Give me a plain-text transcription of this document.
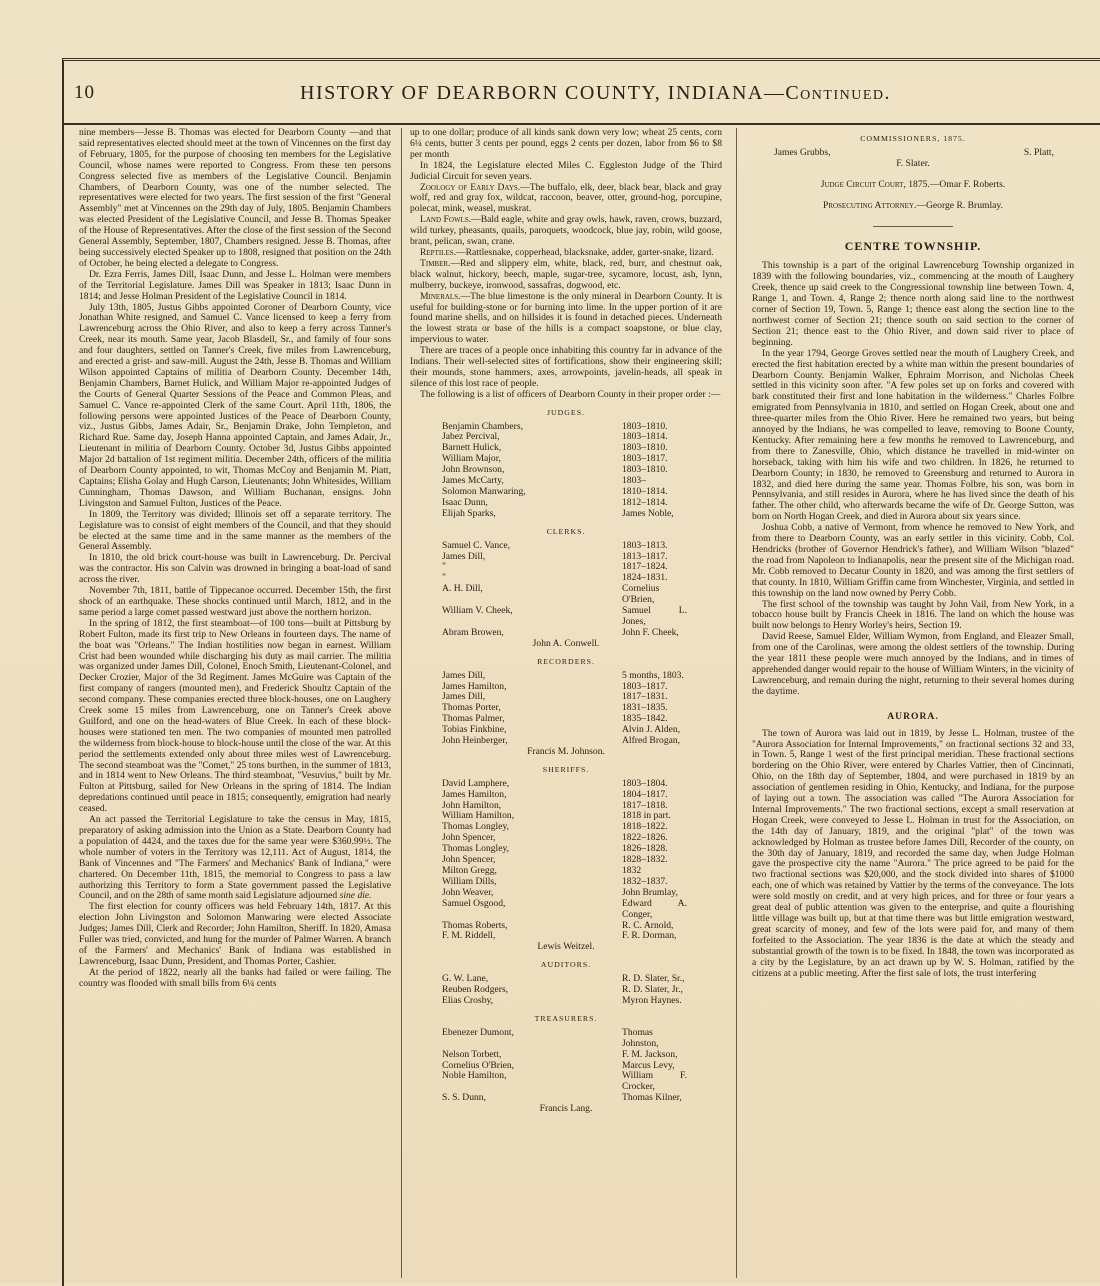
10	HISTORY OF DEARBORN COUNTY, INDIANA—Continued.

nine members—Jesse B. Thomas was elected for Dearborn County —and that said representatives elected should meet at the town of Vincennes on the first day of February, 1805, for the purpose of choosing ten members for the Legislative Council, whose names were reported to Congress. From these ten persons Congress selected five as members of the Legislative Council. Benjamin Chambers, of Dearborn County, was one of the number selected. The representatives were elected for two years. The first session of the first "General Assembly" met at Vincennes on the 29th day of July, 1805. Benjamin Chambers was elected President of the Legislative Council, and Jesse B. Thomas Speaker of the House of Representatives. After the close of the first session of the Second General Assembly, September, 1807, Chambers resigned. Jesse B. Thomas, after being successively elected Speaker up to 1808, resigned that position on the 24th of October, he being elected a delegate to Congress.

Dr. Ezra Ferris, James Dill, Isaac Dunn, and Jesse L. Holman were members of the Territorial Legislature. James Dill was Speaker in 1813; Isaac Dunn in 1814; and Jesse Holman President of the Legislative Council in 1814.

July 13th, 1805, Justus Gibbs appointed Coroner of Dearborn County, vice Jonathan White resigned, and Samuel C. Vance licensed to keep a ferry from Lawrenceburg across the Ohio River, and also to keep a ferry across Tanner's Creek, near its mouth. Same year, Jacob Blasdell, Sr., and family of four sons and four daughters, settled on Tanner's Creek, five miles from Lawrenceburg, and erected a grist- and saw-mill. August the 24th, Jesse B. Thomas and William Wilson appointed Captains of militia of Dearborn County. December 14th, Benjamin Chambers, Barnet Hulick, and William Major re-appointed Judges of the Courts of General Quarter Sessions of the Peace and Common Pleas, and Samuel C. Vance re-appointed Clerk of the same Court. April 11th, 1806, the following persons were appointed Justices of the Peace of Dearborn County, viz., Justus Gibbs, James Adair, Sr., Benjamin Drake, John Templeton, and Richard Rue. Same day, Joseph Hanna appointed Captain, and James Adair, Jr., Lieutenant in militia of Dearborn County. October 3d, Justus Gibbs appointed Major 2d battalion of 1st regiment militia. December 24th, officers of the militia of Dearborn County appointed, to wit, Thomas McCoy and Benjamin M. Piatt, Captains; Elisha Golay and Hugh Carson, Lieutenants; John Whitesides, William Cunningham, Thomas Dawson, and William Buchanan, ensigns. John Livingston and Samuel Fulton, Justices of the Peace.

In 1809, the Territory was divided; Illinois set off a separate territory. The Legislature was to consist of eight members of the Council, and that they should be elected at the same time and in the same manner as the members of the General Assembly.

In 1810, the old brick court-house was built in Lawrenceburg. Dr. Percival was the contractor. His son Calvin was drowned in bringing a boat-load of sand across the river.

November 7th, 1811, battle of Tippecanoe occurred. December 15th, the first shock of an earthquake. These shocks continued until March, 1812, and in the same period a large comet passed westward just above the northern horizon.

In the spring of 1812, the first steamboat—of 100 tons—built at Pittsburg by Robert Fulton, made its first trip to New Orleans in fourteen days. The name of the boat was "Orleans." The Indian hostilities now began in earnest. William Crist had been wounded while discharging his duty as mail carrier. The militia was organized under James Dill, Colonel, Enoch Smith, Lieutenant-Colonel, and Decker Crozier, Major of the 3d Regiment. James McGuire was Captain of the first company of rangers (mounted men), and Frederick Shoultz Captain of the second company. These companies erected three block-houses, one on Laughery Creek some 15 miles from Lawrenceburg, one on Tanner's Creek above Guilford, and one on the head-waters of Blue Creek. In each of these block-houses were stationed ten men. The two companies of mounted men patrolled the wilderness from block-house to block-house until the close of the war. At this period the settlements extended only about three miles west of Lawrenceburg. The second steamboat was the "Comet," 25 tons burthen, in the summer of 1813, and in 1814 went to New Orleans. The third steamboat, "Vesuvius," built by Mr. Fulton at Pittsburg, sailed for New Orleans in the spring of 1814. The Indian depredations continued until peace in 1815; consequently, emigration had nearly ceased.

An act passed the Territorial Legislature to take the census in May, 1815, preparatory of asking admission into the Union as a State. Dearborn County had a population of 4424, and the taxes due for the same year were $360.99½. The whole number of voters in the Territory was 12,111. Act of August, 1814, the Bank of Vincennes and "The Farmers' and Mechanics' Bank of Indiana," were chartered. On December 11th, 1815, the memorial to Congress to pass a law authorizing this Territory to form a State government passed the Legislative Council, and on the 28th of same month said Legislature adjourned sine die.

The first election for county officers was held February 14th, 1817. At this election John Livingston and Solomon Manwaring were elected Associate Judges; James Dill, Clerk and Recorder; John Hamilton, Sheriff. In 1820, Amasa Fuller was tried, convicted, and hung for the murder of Palmer Warren. A branch of the Farmers' and Mechanics' Bank of Indiana was established in Lawrenceburg, Isaac Dunn, President, and Thomas Porter, Cashier.

At the period of 1822, nearly all the banks had failed or were failing. The country was flooded with small bills from 6¼ cents

up to one dollar; produce of all kinds sank down very low; wheat 25 cents, corn 6¼ cents, butter 3 cents per pound, eggs 2 cents per dozen, labor from $6 to $8 per month

In 1824, the Legislature elected Miles C. Eggleston Judge of the Third Judicial Circuit for seven years.

Zoology of Early Days.—The buffalo, elk, deer, black bear, black and gray wolf, red and gray fox, wildcat, raccoon, beaver, otter, ground-hog, porcupine, polecat, mink, weasel, muskrat.

Land Fowls.—Bald eagle, white and gray owls, hawk, raven, crows, buzzard, wild turkey, pheasants, quails, paroquets, woodcock, blue jay, robin, wild goose, brant, pelican, swan, crane.

Reptiles.—Rattlesnake, copperhead, blacksnake, adder, garter-snake, lizard.

Timber.—Red and slippery elm, white, black, red, burr, and chestnut oak, black walnut, hickory, beech, maple, sugar-tree, sycamore, locust, ash, lynn, mulberry, buckeye, ironwood, sassafras, dogwood, etc.

Minerals.—The blue limestone is the only mineral in Dearborn County. It is useful for building-stone or for burning into lime. In the upper portion of it are found marine shells, and on hillsides it is found in detached pieces. Underneath the lowest strata or base of the hills is a compact soapstone, or blue clay, impervious to water.

There are traces of a people once inhabiting this country far in advance of the Indians. Their well-selected sites of fortifications, show their engineering skill; their mounds, stone hammers, axes, arrowpoints, javelin-heads, all speak in silence of this lost race of people.

The following is a list of officers of Dearborn County in their proper order :—

JUDGES.
Benjamin Chambers,	1803–1810.
Jabez Percival,	1803–1814.
Barnett Hulick,	1803–1810.
William Major,	1803–1817.
John Brownson,	1803–1810.
James McCarty,	1803–
Solomon Manwaring,	1810–1814.
Isaac Dunn,	1812–1814.
Elijah Sparks,	James Noble,
CLERKS.
Samuel C. Vance,	1803–1813.
James Dill,	1813–1817.
"	1817–1824.
"	1824–1831.
A. H. Dill,	Cornelius O'Brien,
William V. Cheek,	Samuel L. Jones,
Abram Browen,	John F. Cheek,
John A. Conwell.
RECORDERS.
James Dill,	5 months, 1803.
James Hamilton,	1803–1817.
James Dill,	1817–1831.
Thomas Porter,	1831–1835.
Thomas Palmer,	1835–1842.
Tobias Finkbine,	Alvin J. Alden,
John Heinberger,	Alfred Brogan,
Francis M. Johnson.
SHERIFFS.
David Lamphere,	1803–1804.
James Hamilton,	1804–1817.
John Hamilton,	1817–1818.
William Hamilton,	1818 in part.
Thomas Longley,	1818–1822.
John Spencer,	1822–1826.
Thomas Longley,	1826–1828.
John Spencer,	1828–1832.
Milton Gregg,	1832
William Dills,	1832–1837.
John Weaver,	John Brumlay,
Samuel Osgood,	Edward A. Conger,
Thomas Roberts,	R. C. Arnold,
F. M. Riddell,	F. R. Dorman,
Lewis Weitzel.
AUDITORS.
G. W. Lane,	R. D. Slater, Sr.,
Reuben Rodgers,	R. D. Slater, Jr.,
Elias Crosby,	Myron Haynes.
TREASURERS.
Ebenezer Dumont,	Thomas Johnston,
Nelson Torbett,	F. M. Jackson,
Cornelius O'Brien,	Marcus Levy,
Noble Hamilton,	William F. Crocker,
S. S. Dunn,	Thomas Kilner,
Francis Lang.
COMMISSIONERS, 1875.
James Grubbs,	S. Platt,
F. Slater.

Judge Circuit Court, 1875.—Omar F. Roberts.

Prosecuting Attorney.—George R. Brumlay.

CENTRE TOWNSHIP.

This township is a part of the original Lawrenceburg Township organized in 1839 with the following boundaries, viz., commencing at the mouth of Laughery Creek, thence up said creek to the Congressional township line between Town. 4, Range 1, and Town. 4, Range 2; thence north along said line to the northwest corner of Section 19, Town. 5, Range 1; thence east along the section line to the northwest corner of Section 21; thence south on said section to the corner of Section 21; thence east to the Ohio River, and down said river to place of beginning.

In the year 1794, George Groves settled near the mouth of Laughery Creek, and erected the first habitation erected by a white man within the present boundaries of Dearborn County. Benjamin Walker, Ephraim Morrison, and Nicholas Cheek settled in this vicinity soon after. "A few poles set up on forks and covered with bark constituted their first and lone habitation in the wilderness." Charles Folbre emigrated from Pennsylvania in 1810, and settled on Hogan Creek, about one and three-quarter miles from the Ohio River. Here he remained two years, but being annoyed by the Indians, he was compelled to leave, removing to Boone County, Kentucky. After remaining here a few months he removed to Lawrenceburg, and from there to Zanesville, Ohio, which distance he travelled in mid-winter on horseback, taking with him his wife and two children. In 1826, he returned to Dearborn County; in 1830, he removed to Greensburg and returned to Aurora in 1832, and died here during the same year. Thomas Folbre, his son, was born in Pennsylvania, and still resides in Aurora, where he has lived since the death of his father. The other child, who afterwards became the wife of Dr. George Sutton, was born on North Hogan Creek, and died in Aurora about six years since.

Joshua Cobb, a native of Vermont, from whence he removed to New York, and from there to Dearborn County, was an early settler in this vicinity. Cobb, Col. Hendricks (brother of Governor Hendrick's father), and William Wilson "blazed" the road from Napoleon to Indianapolis, near the present site of the Michigan road. Mr. Cobb removed to Decatur County in 1820, and was among the first settlers of that county. In 1810, William Griffin came from Winchester, Virginia, and settled in this township on the land now owned by Perry Cobb.

The first school of the township was taught by John Vail, from New York, in a tobacco house built by Francis Cheek in 1816. The land on which the house was built now belongs to Henry Worley's heirs, Section 19.

David Reese, Samuel Elder, William Wymon, from England, and Eleazer Small, from one of the Carolinas, were among the oldest settlers of the township. During the year 1811 these people were much annoyed by the Indians, and in times of apprehended danger would repair to the house of William Winters, in the vicinity of Lawrenceburg, and remain during the night, returning to their several homes during the daytime.

AURORA.

The town of Aurora was laid out in 1819, by Jesse L. Holman, trustee of the "Aurora Association for Internal Improvements," on fractional sections 32 and 33, in Town. 5, Range 1 west of the first principal meridian. These fractional sections bordering on the Ohio River, were entered by Charles Vattier, then of Cincinnati, Ohio, on the 18th day of September, 1804, and were purchased in 1819 by an association of gentlemen residing in Ohio, Kentucky, and Indiana, for the purpose of laying out a town. The association was called "The Aurora Association for Internal Improvements." The two fractional sections, except a small reservation at Hogan Creek, were conveyed to Jesse L. Holman in trust for the Association, on the 14th day of January, 1819, and the original "plat" of the town was acknowledged by Holman as trustee before James Dill, Recorder of the county, on the 30th day of January, 1819, and recorded the same day, when Judge Holman gave the prospective city the name "Aurora." The price agreed to be paid for the two fractional sections was $20,000, and the stock divided into shares of $1000 each, one of which was retained by Vattier by the terms of the conveyance. The lots were sold mostly on credit, and at very high prices, and for three or four years a great deal of public attention was given to the enterprise, and quite a flourishing little village was built up, but at that time there was but little emigration westward, great scarcity of money, and few of the lots were paid for, and many of them forfeited to the Association. The year 1836 is the date at which the steady and substantial growth of the town is to be fixed. In 1848, the town was incorporated as a city by the Legislature, by an act drawn up by W. S. Holman, ratified by the citizens at a public meeting. After the first sale of lots, the trust interfering
